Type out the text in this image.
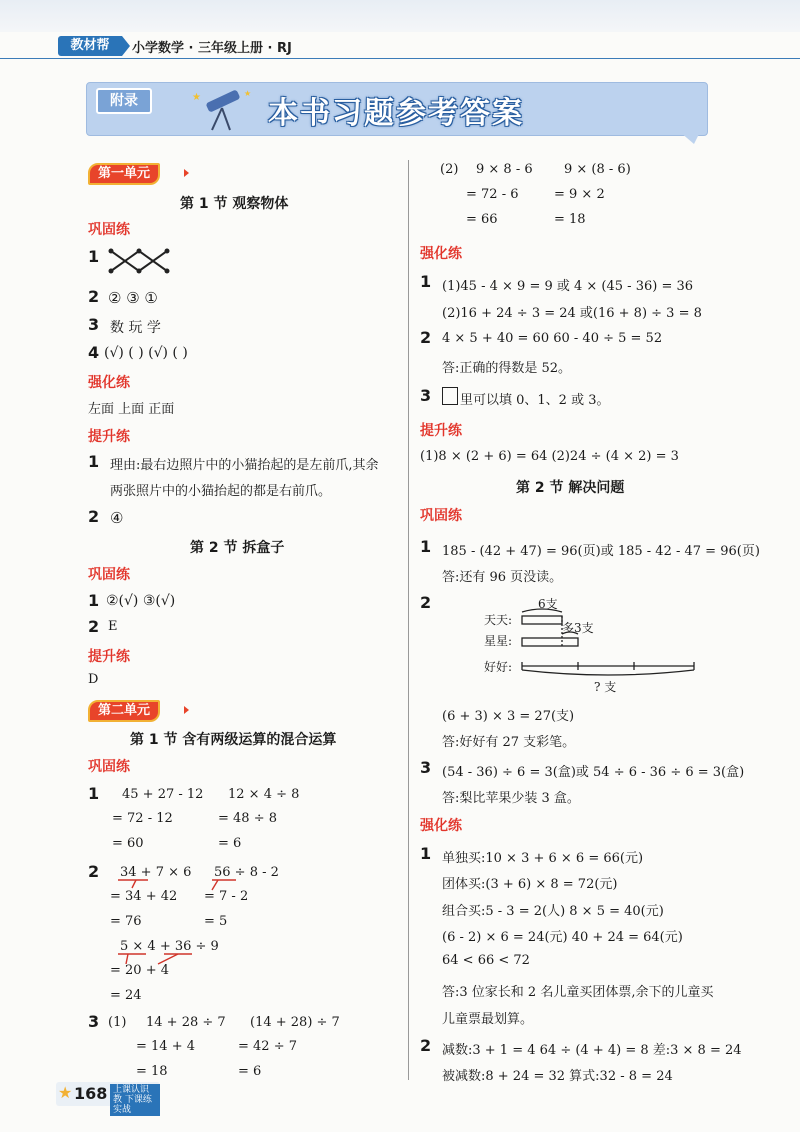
教材帮	小学数学 · 三年级上册 · RJ
附录	★	★
本书习题参考答案
第一单元
第 1 节 观察物体
巩固练
1
2 ② ③ ①
3 数 玩 学
4 (√) ( ) (√) ( )
强化练
左面 上面 正面
提升练
1 理由:最右边照片中的小猫抬起的是左前爪,其余
两张照片中的小猫抬起的都是右前爪。
2 ④
第 2 节 拆盒子
巩固练
1 ②(√) ③(√)
2 E
提升练
D
第二单元
第 1 节 含有两级运算的混合运算
巩固练
1 45 + 27 - 12
= 72 - 12
= 60
12 × 4 ÷ 8
= 48 ÷ 8
= 6
2 34 + 7 × 6
= 34 + 42
= 76
56 ÷ 8 - 2
= 7 - 2
= 5
5 × 4 + 36 ÷ 9
= 20 + 4
= 24
3 (1) 14 + 28 ÷ 7
= 14 + 4
= 18
(14 + 28) ÷ 7
= 42 ÷ 7
= 6
(2) 9 × 8 - 6
= 72 - 6
= 66
9 × (8 - 6)
= 9 × 2
= 18
强化练
1 (1)45 - 4 × 9 = 9 或 4 × (45 - 36) = 36
(2)16 + 24 ÷ 3 = 24 或(16 + 8) ÷ 3 = 8
2 4 × 5 + 40 = 60 60 - 40 ÷ 5 = 52
答:正确的得数是 52。
3 里可以填 0、1、2 或 3。
提升练
(1)8 × (2 + 6) = 64 (2)24 ÷ (4 × 2) = 3
第 2 节 解决问题
巩固练
1 185 - (42 + 47) = 96(页)或 185 - 42 - 47 = 96(页)
答:还有 96 页没读。
2
天天:
星星:
好好:
6支
多3支
? 支
(6 + 3) × 3 = 27(支)
答:好好有 27 支彩笔。
3 (54 - 36) ÷ 6 = 3(盒)或 54 ÷ 6 - 36 ÷ 6 = 3(盒)
答:梨比苹果少装 3 盒。
强化练
1 单独买:10 × 3 + 6 × 6 = 66(元)
团体买:(3 + 6) × 8 = 72(元)
组合买:5 - 3 = 2(人) 8 × 5 = 40(元)
(6 - 2) × 6 = 24(元) 40 + 24 = 64(元)
64 < 66 < 72
答:3 位家长和 2 名儿童买团体票,余下的儿童买
儿童票最划算。
2 减数:3 + 1 = 4 64 ÷ (4 + 4) = 8 差:3 × 8 = 24
被减数:8 + 24 = 32 算式:32 - 8 = 24
★ 168 上课认识教 下课练实战
